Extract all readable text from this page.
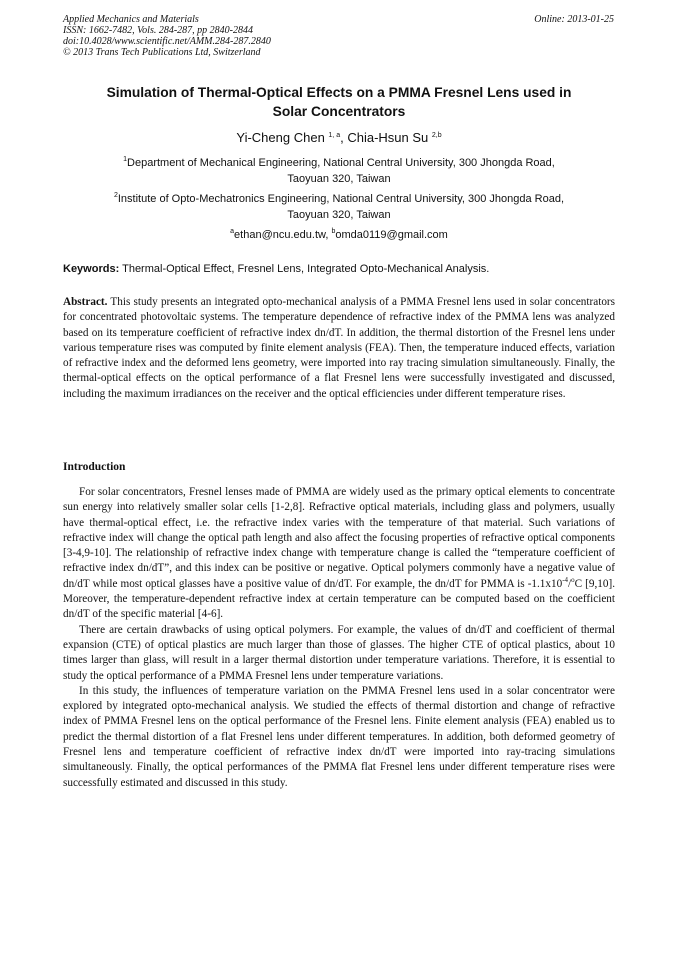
Applied Mechanics and Materials
ISSN: 1662-7482, Vols. 284-287, pp 2840-2844
doi:10.4028/www.scientific.net/AMM.284-287.2840
© 2013 Trans Tech Publications Ltd, Switzerland
Online: 2013-01-25
Simulation of Thermal-Optical Effects on a PMMA Fresnel Lens used in
Solar Concentrators
Yi-Cheng Chen $^{1, a}$, Chia-Hsun Su $^{2,b}$
$^1$Department of Mechanical Engineering, National Central University, 300 Jhongda Road,
Taoyuan 320, Taiwan
$^2$Institute of Opto-Mechatronics Engineering, National Central University, 300 Jhongda Road,
Taoyuan 320, Taiwan
$^a$ethan@ncu.edu.tw, $^b$omda0119@gmail.com
Keywords: Thermal-Optical Effect, Fresnel Lens, Integrated Opto-Mechanical Analysis.
Abstract. This study presents an integrated opto-mechanical analysis of a PMMA Fresnel lens used in solar concentrators for concentrated photovoltaic systems. The temperature dependence of refractive index of the PMMA lens was analyzed based on its temperature coefficient of refractive index dn/dT. In addition, the thermal distortion of the Fresnel lens under various temperature rises was computed by finite element analysis (FEA). Then, the temperature induced effects, variation of refractive index and the deformed lens geometry, were imported into ray tracing simulation simultaneously. Finally, the thermal-optical effects on the optical performance of a flat Fresnel lens were successfully investigated and discussed, including the maximum irradiances on the receiver and the optical efficiencies under different temperature rises.
Introduction

For solar concentrators, Fresnel lenses made of PMMA are widely used as the primary optical elements to concentrate sun energy into relatively smaller solar cells [1-2,8]. Refractive optical materials, including glass and polymers, usually have thermal-optical effect, i.e. the refractive index varies with the temperature of that material. Such variations of refractive index will change the optical path length and also affect the focusing properties of refractive optical components [3-4,9-10]. The relationship of refractive index change with temperature change is called the “temperature coefficient of refractive index dn/dT”, and this index can be positive or negative. Optical polymers commonly have a negative value of dn/dT while most optical glasses have a positive value of dn/dT. For example, the dn/dT for PMMA is $-1.1x10^{-4}/^oC$ [9,10]. Moreover, the temperature-dependent refractive index at certain temperature can be computed based on the coefficient dn/dT of the specific material [4-6].

There are certain drawbacks of using optical polymers. For example, the values of dn/dT and coefficient of thermal expansion (CTE) of optical plastics are much larger than those of glasses. The higher CTE of optical plastics, about 10 times larger than glass, will result in a larger thermal distortion under temperature variations. Therefore, it is essential to study the optical performance of a PMMA Fresnel lens under temperature variations.

In this study, the influences of temperature variation on the PMMA Fresnel lens used in a solar concentrator were explored by integrated opto-mechanical analysis. We studied the effects of thermal distortion and change of refractive index of PMMA Fresnel lens on the optical performance of the Fresnel lens. Finite element analysis (FEA) enabled us to predict the thermal distortion of a flat Fresnel lens under different temperatures. In addition, both deformed geometry of Fresnel lens and temperature coefficient of refractive index dn/dT were imported into ray-tracing simulations simultaneously. Finally, the optical performances of the PMMA flat Fresnel lens under different temperature rises were successfully estimated and discussed in this study.
